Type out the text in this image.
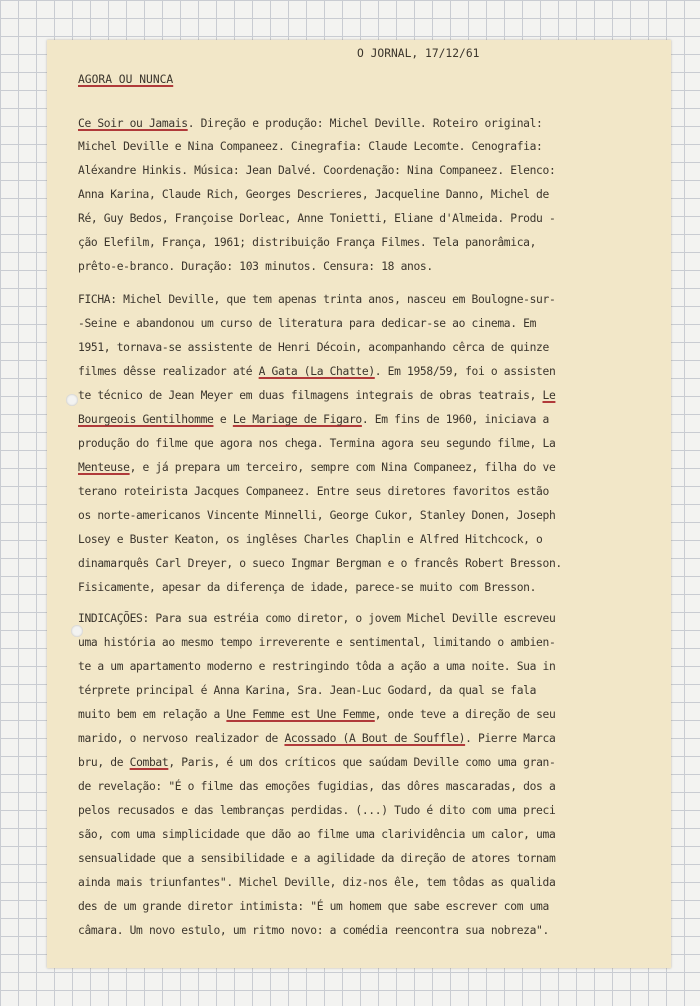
O JORNAL, 17/12/61

AGORA OU NUNCA

Ce Soir ou Jamais. Direção e produção: Michel Deville. Roteiro original:

Michel Deville e Nina Companeez. Cinegrafia: Claude Lecomte. Cenografia:

Aléxandre Hinkis. Música: Jean Dalvé. Coordenação: Nina Companeez. Elenco:

Anna Karina, Claude Rich, Georges Descrieres, Jacqueline Danno, Michel de

Ré, Guy Bedos, Françoise Dorleac, Anne Tonietti, Eliane d'Almeida. Produ -

ção Elefilm, França, 1961; distribuição França Filmes. Tela panorâmica,

prêto-e-branco. Duração: 103 minutos. Censura: 18 anos.

FICHA: Michel Deville, que tem apenas trinta anos, nasceu em Boulogne-sur-

-Seine e abandonou um curso de literatura para dedicar-se ao cinema. Em

1951, tornava-se assistente de Henri Décoin, acompanhando cêrca de quinze

filmes dêsse realizador até A Gata (La Chatte). Em 1958/59, foi o assisten

te técnico de Jean Meyer em duas filmagens integrais de obras teatrais, Le

Bourgeois Gentilhomme e Le Mariage de Figaro. Em fins de 1960, iniciava a

produção do filme que agora nos chega. Termina agora seu segundo filme, La

Menteuse, e já prepara um terceiro, sempre com Nina Companeez, filha do ve

terano roteirista Jacques Companeez. Entre seus diretores favoritos estão

os norte-americanos Vincente Minnelli, George Cukor, Stanley Donen, Joseph

Losey e Buster Keaton, os inglêses Charles Chaplin e Alfred Hitchcock, o

dinamarquês Carl Dreyer, o sueco Ingmar Bergman e o francês Robert Bresson.

Fisicamente, apesar da diferença de idade, parece-se muito com Bresson.

INDICAÇÕES: Para sua estréia como diretor, o jovem Michel Deville escreveu

uma história ao mesmo tempo irreverente e sentimental, limitando o ambien-

te a um apartamento moderno e restringindo tôda a ação a uma noite. Sua in

térprete principal é Anna Karina, Sra. Jean-Luc Godard, da qual se fala

muito bem em relação a Une Femme est Une Femme, onde teve a direção de seu

marido, o nervoso realizador de Acossado (A Bout de Souffle). Pierre Marca

bru, de Combat, Paris, é um dos críticos que saúdam Deville como uma gran-

de revelação: "É o filme das emoções fugidias, das dôres mascaradas, dos a

pelos recusados e das lembranças perdidas. (...) Tudo é dito com uma preci

são, com uma simplicidade que dão ao filme uma clarividência um calor, uma

sensualidade que a sensibilidade e a agilidade da direção de atores tornam

ainda mais triunfantes". Michel Deville, diz-nos êle, tem tôdas as qualida

des de um grande diretor intimista: "É um homem que sabe escrever com uma

câmara. Um novo estulo, um ritmo novo: a comédia reencontra sua nobreza".
